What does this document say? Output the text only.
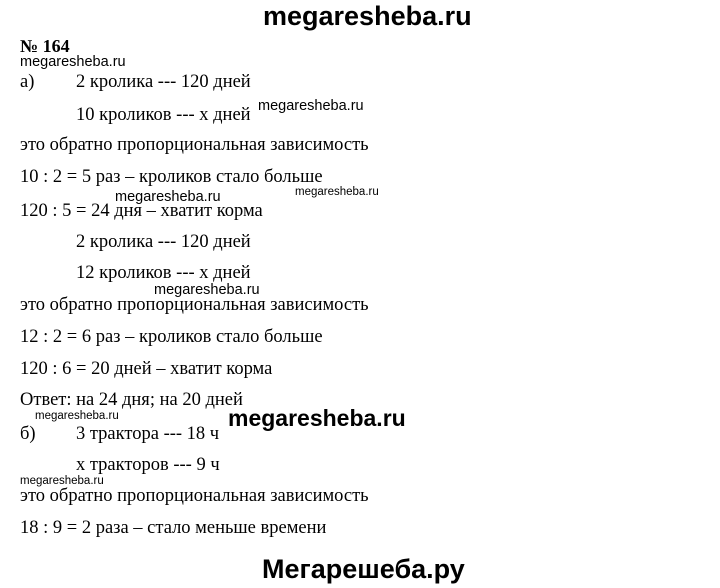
megaresheba.ru
№ 164
megaresheba.ru
а) 2 кролика --- 120 дней
10 кроликов --- х дней megaresheba.ru
это обратно пропорциональная зависимость
10 : 2 = 5 раз – кроликов стало больше
megaresheba.ru	megaresheba.ru
120 : 5 = 24 дня – хватит корма
2 кролика --- 120 дней
12 кроликов --- х дней
megaresheba.ru
это обратно пропорциональная зависимость
12 : 2 = 6 раз – кроликов стало больше
120 : 6 = 20 дней – хватит корма
Ответ: на 24 дня; на 20 дней
megaresheba.ru	megaresheba.ru
б) 3 трактора --- 18 ч
х тракторов --- 9 ч
megaresheba.ru
это обратно пропорциональная зависимость
18 : 9 = 2 раза – стало меньше времени
Мегарешеба.ру
